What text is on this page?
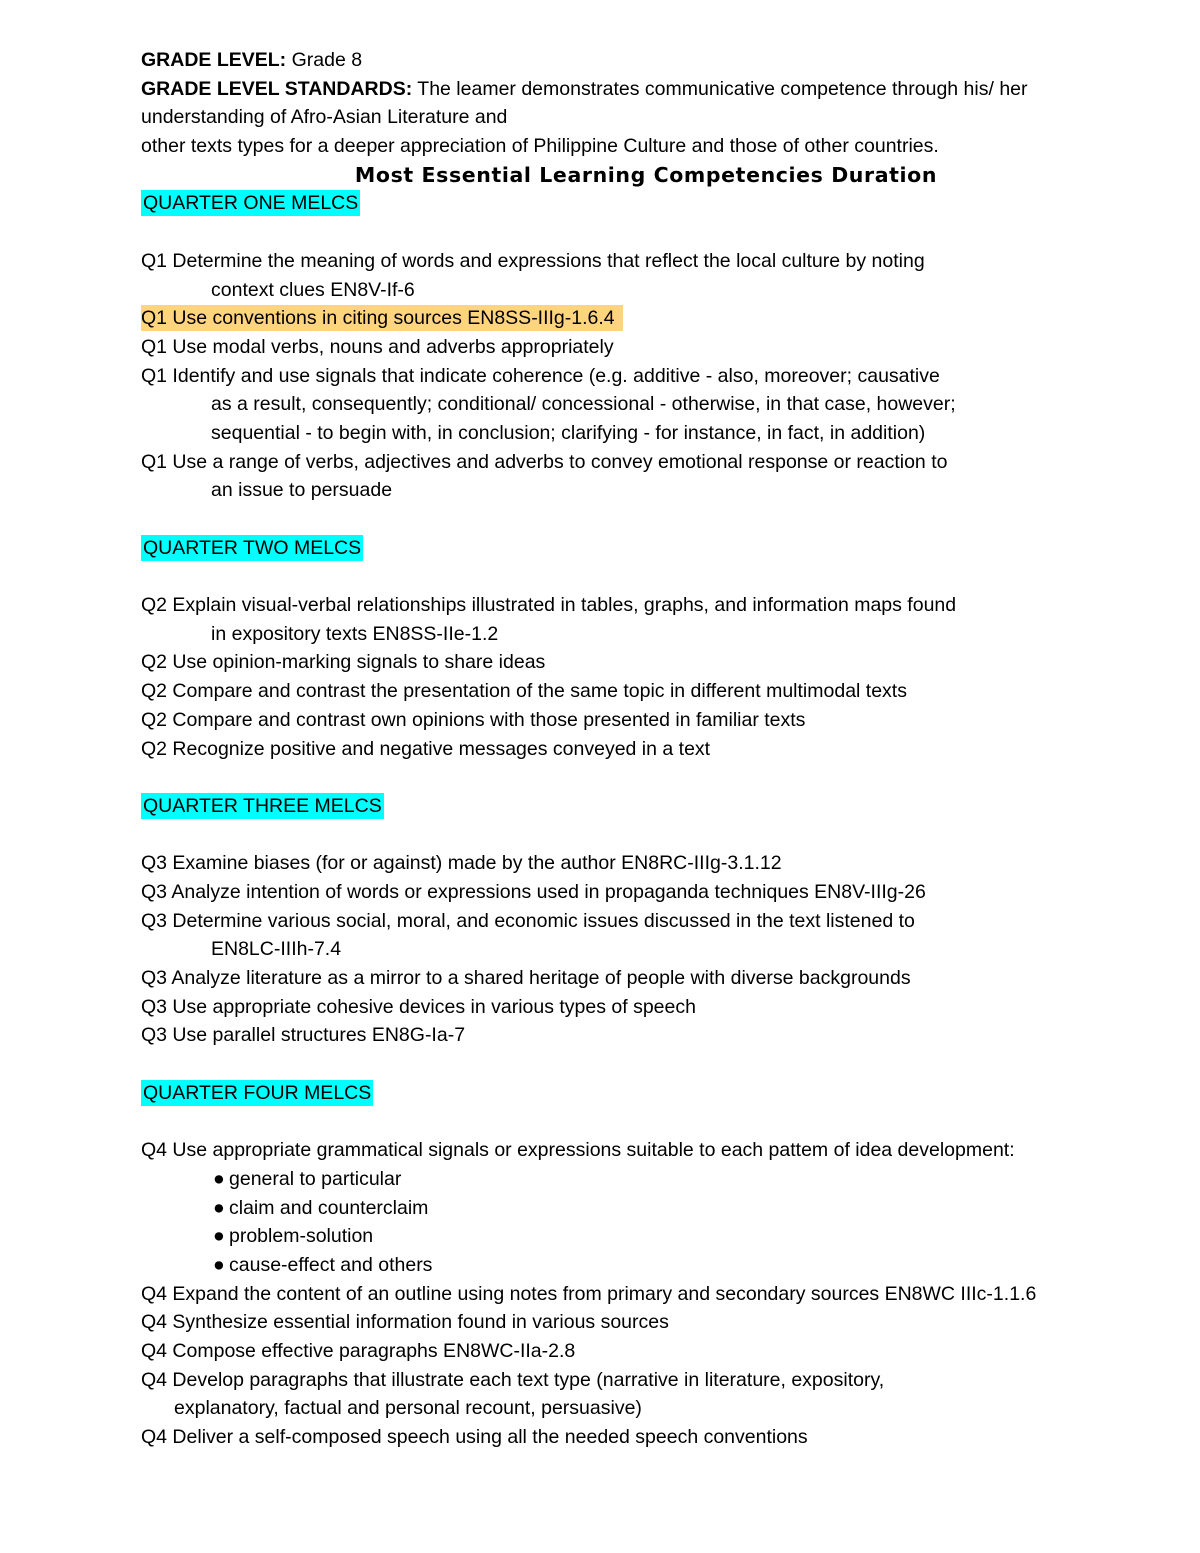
GRADE LEVEL: Grade 8
GRADE LEVEL STANDARDS: The leamer demonstrates communicative competence through his/ her
understanding of Afro-Asian Literature and
other texts types for a deeper appreciation of Philippine Culture and those of other countries.
Most Essential Learning Competencies Duration
QUARTER ONE MELCS
Q1 Determine the meaning of words and expressions that reflect the local culture by noting
context clues EN8V-If-6
Q1 Use conventions in citing sources EN8SS-IIIg-1.6.4
Q1 Use modal verbs, nouns and adverbs appropriately
Q1 Identify and use signals that indicate coherence (e.g. additive - also, moreover; causative
as a result, consequently; conditional/ concessional - otherwise, in that case, however;
sequential - to begin with, in conclusion; clarifying - for instance, in fact, in addition)
Q1 Use a range of verbs, adjectives and adverbs to convey emotional response or reaction to
an issue to persuade
QUARTER TWO MELCS
Q2 Explain visual-verbal relationships illustrated in tables, graphs, and information maps found
in expository texts EN8SS-IIe-1.2
Q2 Use opinion-marking signals to share ideas
Q2 Compare and contrast the presentation of the same topic in different multimodal texts
Q2 Compare and contrast own opinions with those presented in familiar texts
Q2 Recognize positive and negative messages conveyed in a text
QUARTER THREE MELCS
Q3 Examine biases (for or against) made by the author EN8RC-IIIg-3.1.12
Q3 Analyze intention of words or expressions used in propaganda techniques EN8V-IIIg-26
Q3 Determine various social, moral, and economic issues discussed in the text listened to
EN8LC-IIIh-7.4
Q3 Analyze literature as a mirror to a shared heritage of people with diverse backgrounds
Q3 Use appropriate cohesive devices in various types of speech
Q3 Use parallel structures EN8G-Ia-7
QUARTER FOUR MELCS
Q4 Use appropriate grammatical signals or expressions suitable to each pattem of idea development:
● general to particular
● claim and counterclaim
● problem-solution
● cause-effect and others
Q4 Expand the content of an outline using notes from primary and secondary sources EN8WC IIIc-1.1.6
Q4 Synthesize essential information found in various sources
Q4 Compose effective paragraphs EN8WC-IIa-2.8
Q4 Develop paragraphs that illustrate each text type (narrative in literature, expository,
explanatory, factual and personal recount, persuasive)
Q4 Deliver a self-composed speech using all the needed speech conventions
